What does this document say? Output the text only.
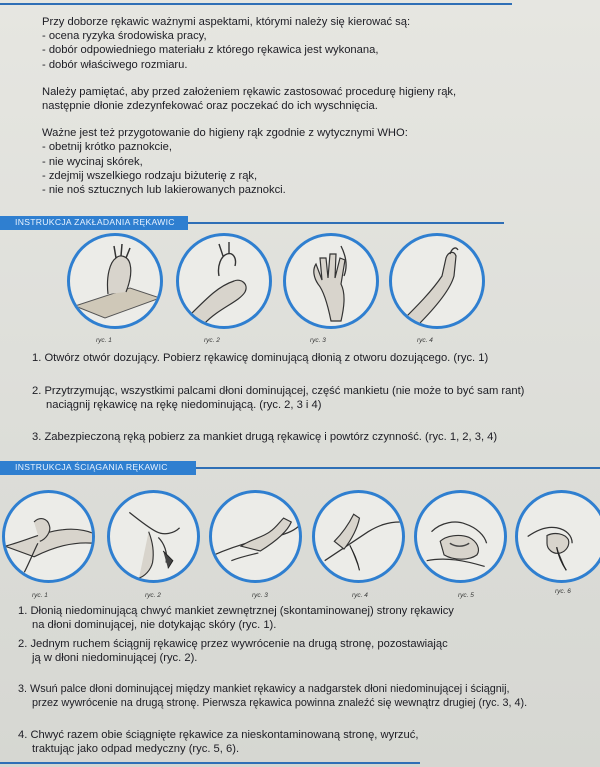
Przy doborze rękawic ważnymi aspektami, którymi należy się kierować są:

- ocena ryzyka środowiska pracy,

- dobór odpowiedniego materiału z którego rękawica jest wykonana,

- dobór właściwego rozmiaru.

Należy pamiętać, aby przed założeniem rękawic zastosować procedurę higieny rąk,

następnie dłonie zdezynfekować oraz poczekać do ich wyschnięcia.

Ważne jest też przygotowanie do higieny rąk zgodnie z wytycznymi WHO:

- obetnij krótko paznokcie,

- nie wycinaj skórek,

- zdejmij wszelkiego rodzaju biżuterię z rąk,

- nie noś sztucznych lub lakierowanych paznokci.

INSTRUKCJA ZAKŁADANIA RĘKAWIC
ryc. 1	ryc. 2	ryc. 3	ryc. 4

1. Otwórz otwór dozujący. Pobierz rękawicę dominującą dłonią z otworu dozującego. (ryc. 1)

2. Przytrzymując, wszystkimi palcami dłoni dominującej, część mankietu (nie może to być sam rant)

naciągnij rękawicę na rękę niedominującą. (ryc. 2, 3 i 4)

3. Zabezpieczoną ręką pobierz za mankiet drugą rękawicę i powtórz czynność. (ryc. 1, 2, 3, 4)

INSTRUKCJA ŚCIĄGANIA RĘKAWIC
ryc. 1	ryc. 2	ryc. 3	ryc. 4	ryc. 5
ryc. 6

1. Dłonią niedominującą chwyć mankiet zewnętrznej (skontaminowanej) strony rękawicy

na dłoni dominującej, nie dotykając skóry (ryc. 1).

2. Jednym ruchem ściągnij rękawicę przez wywrócenie na drugą stronę, pozostawiając

ją w dłoni niedominującej (ryc. 2).

3. Wsuń palce dłoni dominującej między mankiet rękawicy a nadgarstek dłoni niedominującej i ściągnij,

przez wywrócenie na drugą stronę. Pierwsza rękawica powinna znaleźć się wewnątrz drugiej (ryc. 3, 4).

4. Chwyć razem obie ściągnięte rękawice za nieskontaminowaną stronę, wyrzuć,

traktując jako odpad medyczny (ryc. 5, 6).
